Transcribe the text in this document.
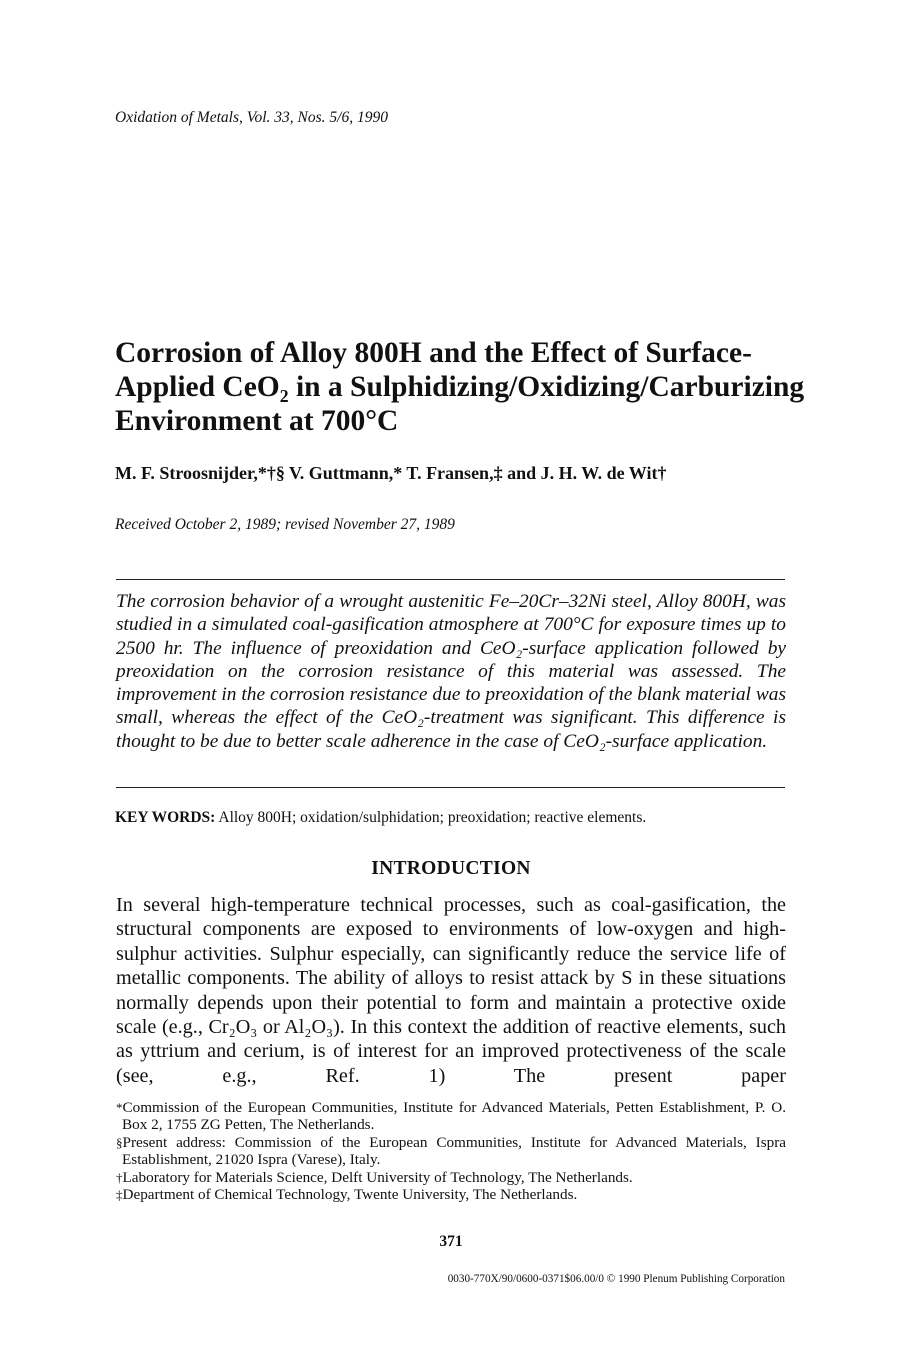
Oxidation of Metals, Vol. 33, Nos. 5/6, 1990
Corrosion of Alloy 800H and the Effect of Surface-Applied CeO₂ in a Sulphidizing/Oxidizing/Carburizing Environment at 700°C
M. F. Stroosnijder,*†§ V. Guttmann,* T. Fransen,‡ and J. H. W. de Wit†
Received October 2, 1989; revised November 27, 1989
The corrosion behavior of a wrought austenitic Fe–20Cr–32Ni steel, Alloy 800H, was studied in a simulated coal-gasification atmosphere at 700°C for exposure times up to 2500 hr. The influence of preoxidation and CeO₂-surface application followed by preoxidation on the corrosion resistance of this material was assessed. The improvement in the corrosion resistance due to preoxidation of the blank material was small, whereas the effect of the CeO₂-treatment was significant. This difference is thought to be due to better scale adherence in the case of CeO₂-surface application.
KEY WORDS: Alloy 800H; oxidation/sulphidation; preoxidation; reactive elements.
INTRODUCTION
In several high-temperature technical processes, such as coal-gasification, the structural components are exposed to environments of low-oxygen and high-sulphur activities. Sulphur especially, can significantly reduce the service life of metallic components. The ability of alloys to resist attack by S in these situations normally depends upon their potential to form and maintain a protective oxide scale (e.g., Cr₂O₃ or Al₂O₃). In this context the addition of reactive elements, such as yttrium and cerium, is of interest for an improved protectiveness of the scale (see, e.g., Ref. 1) The present paper
*Commission of the European Communities, Institute for Advanced Materials, Petten Establishment, P. O. Box 2, 1755 ZG Petten, The Netherlands.
§Present address: Commission of the European Communities, Institute for Advanced Materials, Ispra Establishment, 21020 Ispra (Varese), Italy.
†Laboratory for Materials Science, Delft University of Technology, The Netherlands.
‡Department of Chemical Technology, Twente University, The Netherlands.
371
0030-770X/90/0600-0371$06.00/0 © 1990 Plenum Publishing Corporation
